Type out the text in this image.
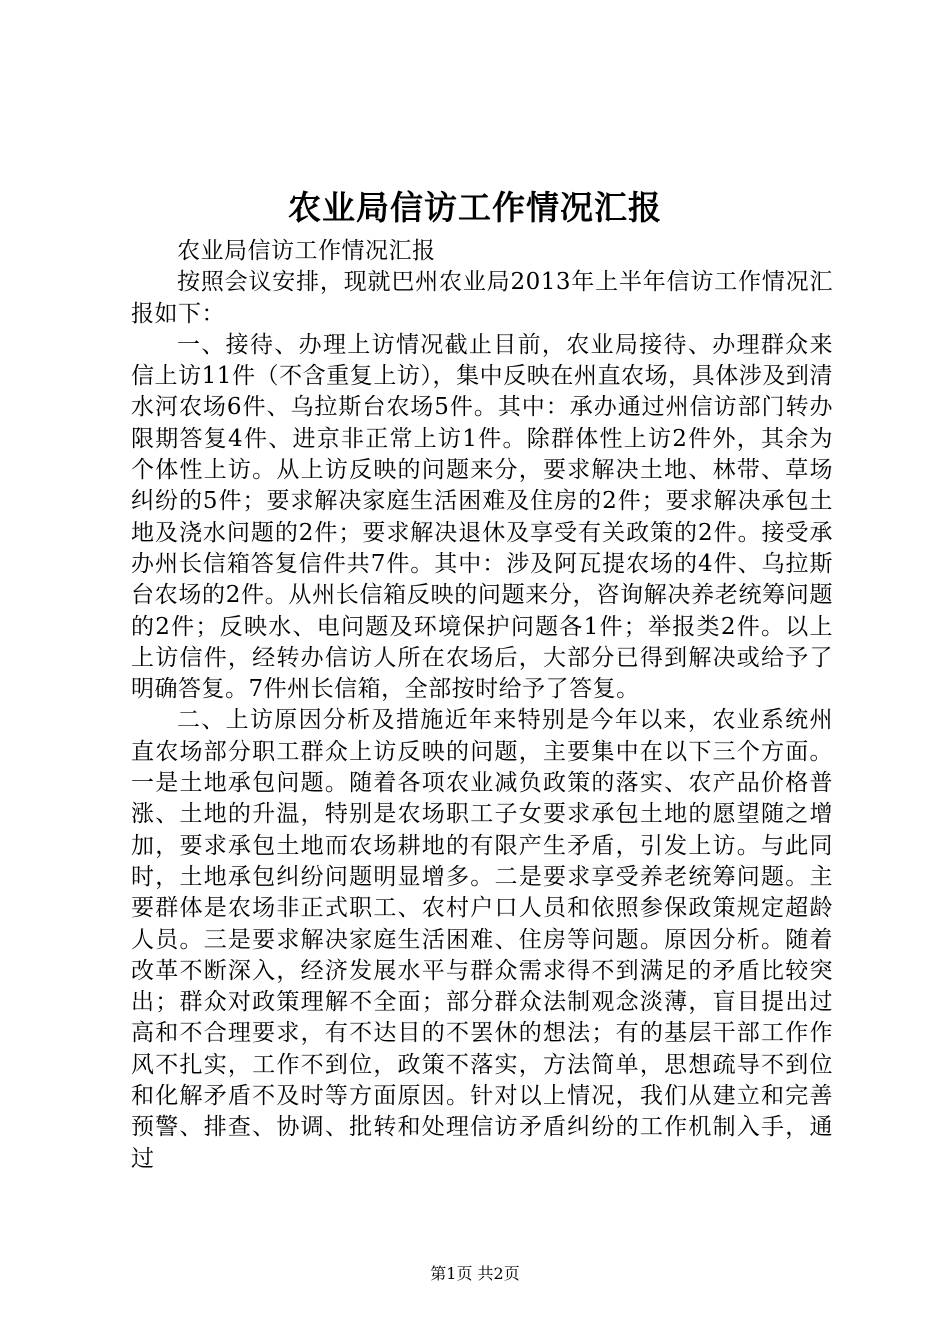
农业局信访工作情况汇报

农业局信访工作情况汇报

按照会议安排，现就巴州农业局2013年上半年信访工作情况汇报如下：

一、接待、办理上访情况截止目前，农业局接待、办理群众来信上访11件（不含重复上访），集中反映在州直农场，具体涉及到清水河农场6件、乌拉斯台农场5件。其中：承办通过州信访部门转办限期答复4件、进京非正常上访1件。除群体性上访2件外，其余为个体性上访。从上访反映的问题来分，要求解决土地、林带、草场纠纷的5件；要求解决家庭生活困难及住房的2件；要求解决承包土地及浇水问题的2件；要求解决退休及享受有关政策的2件。接受承办州长信箱答复信件共7件。其中：涉及阿瓦提农场的4件、乌拉斯台农场的2件。从州长信箱反映的问题来分，咨询解决养老统筹问题的2件；反映水、电问题及环境保护问题各1件；举报类2件。以上上访信件，经转办信访人所在农场后，大部分已得到解决或给予了明确答复。7件州长信箱，全部按时给予了答复。

二、上访原因分析及措施近年来特别是今年以来，农业系统州直农场部分职工群众上访反映的问题，主要集中在以下三个方面。一是土地承包问题。随着各项农业减负政策的落实、农产品价格普涨、土地的升温，特别是农场职工子女要求承包土地的愿望随之增加，要求承包土地而农场耕地的有限产生矛盾，引发上访。与此同时，土地承包纠纷问题明显增多。二是要求享受养老统筹问题。主要群体是农场非正式职工、农村户口人员和依照参保政策规定超龄人员。三是要求解决家庭生活困难、住房等问题。原因分析。随着改革不断深入，经济发展水平与群众需求得不到满足的矛盾比较突出；群众对政策理解不全面；部分群众法制观念淡薄，盲目提出过高和不合理要求，有不达目的不罢休的想法；有的基层干部工作作风不扎实，工作不到位，政策不落实，方法简单，思想疏导不到位和化解矛盾不及时等方面原因。针对以上情况，我们从建立和完善预警、排查、协调、批转和处理信访矛盾纠纷的工作机制入手，通过

第1页 共2页
